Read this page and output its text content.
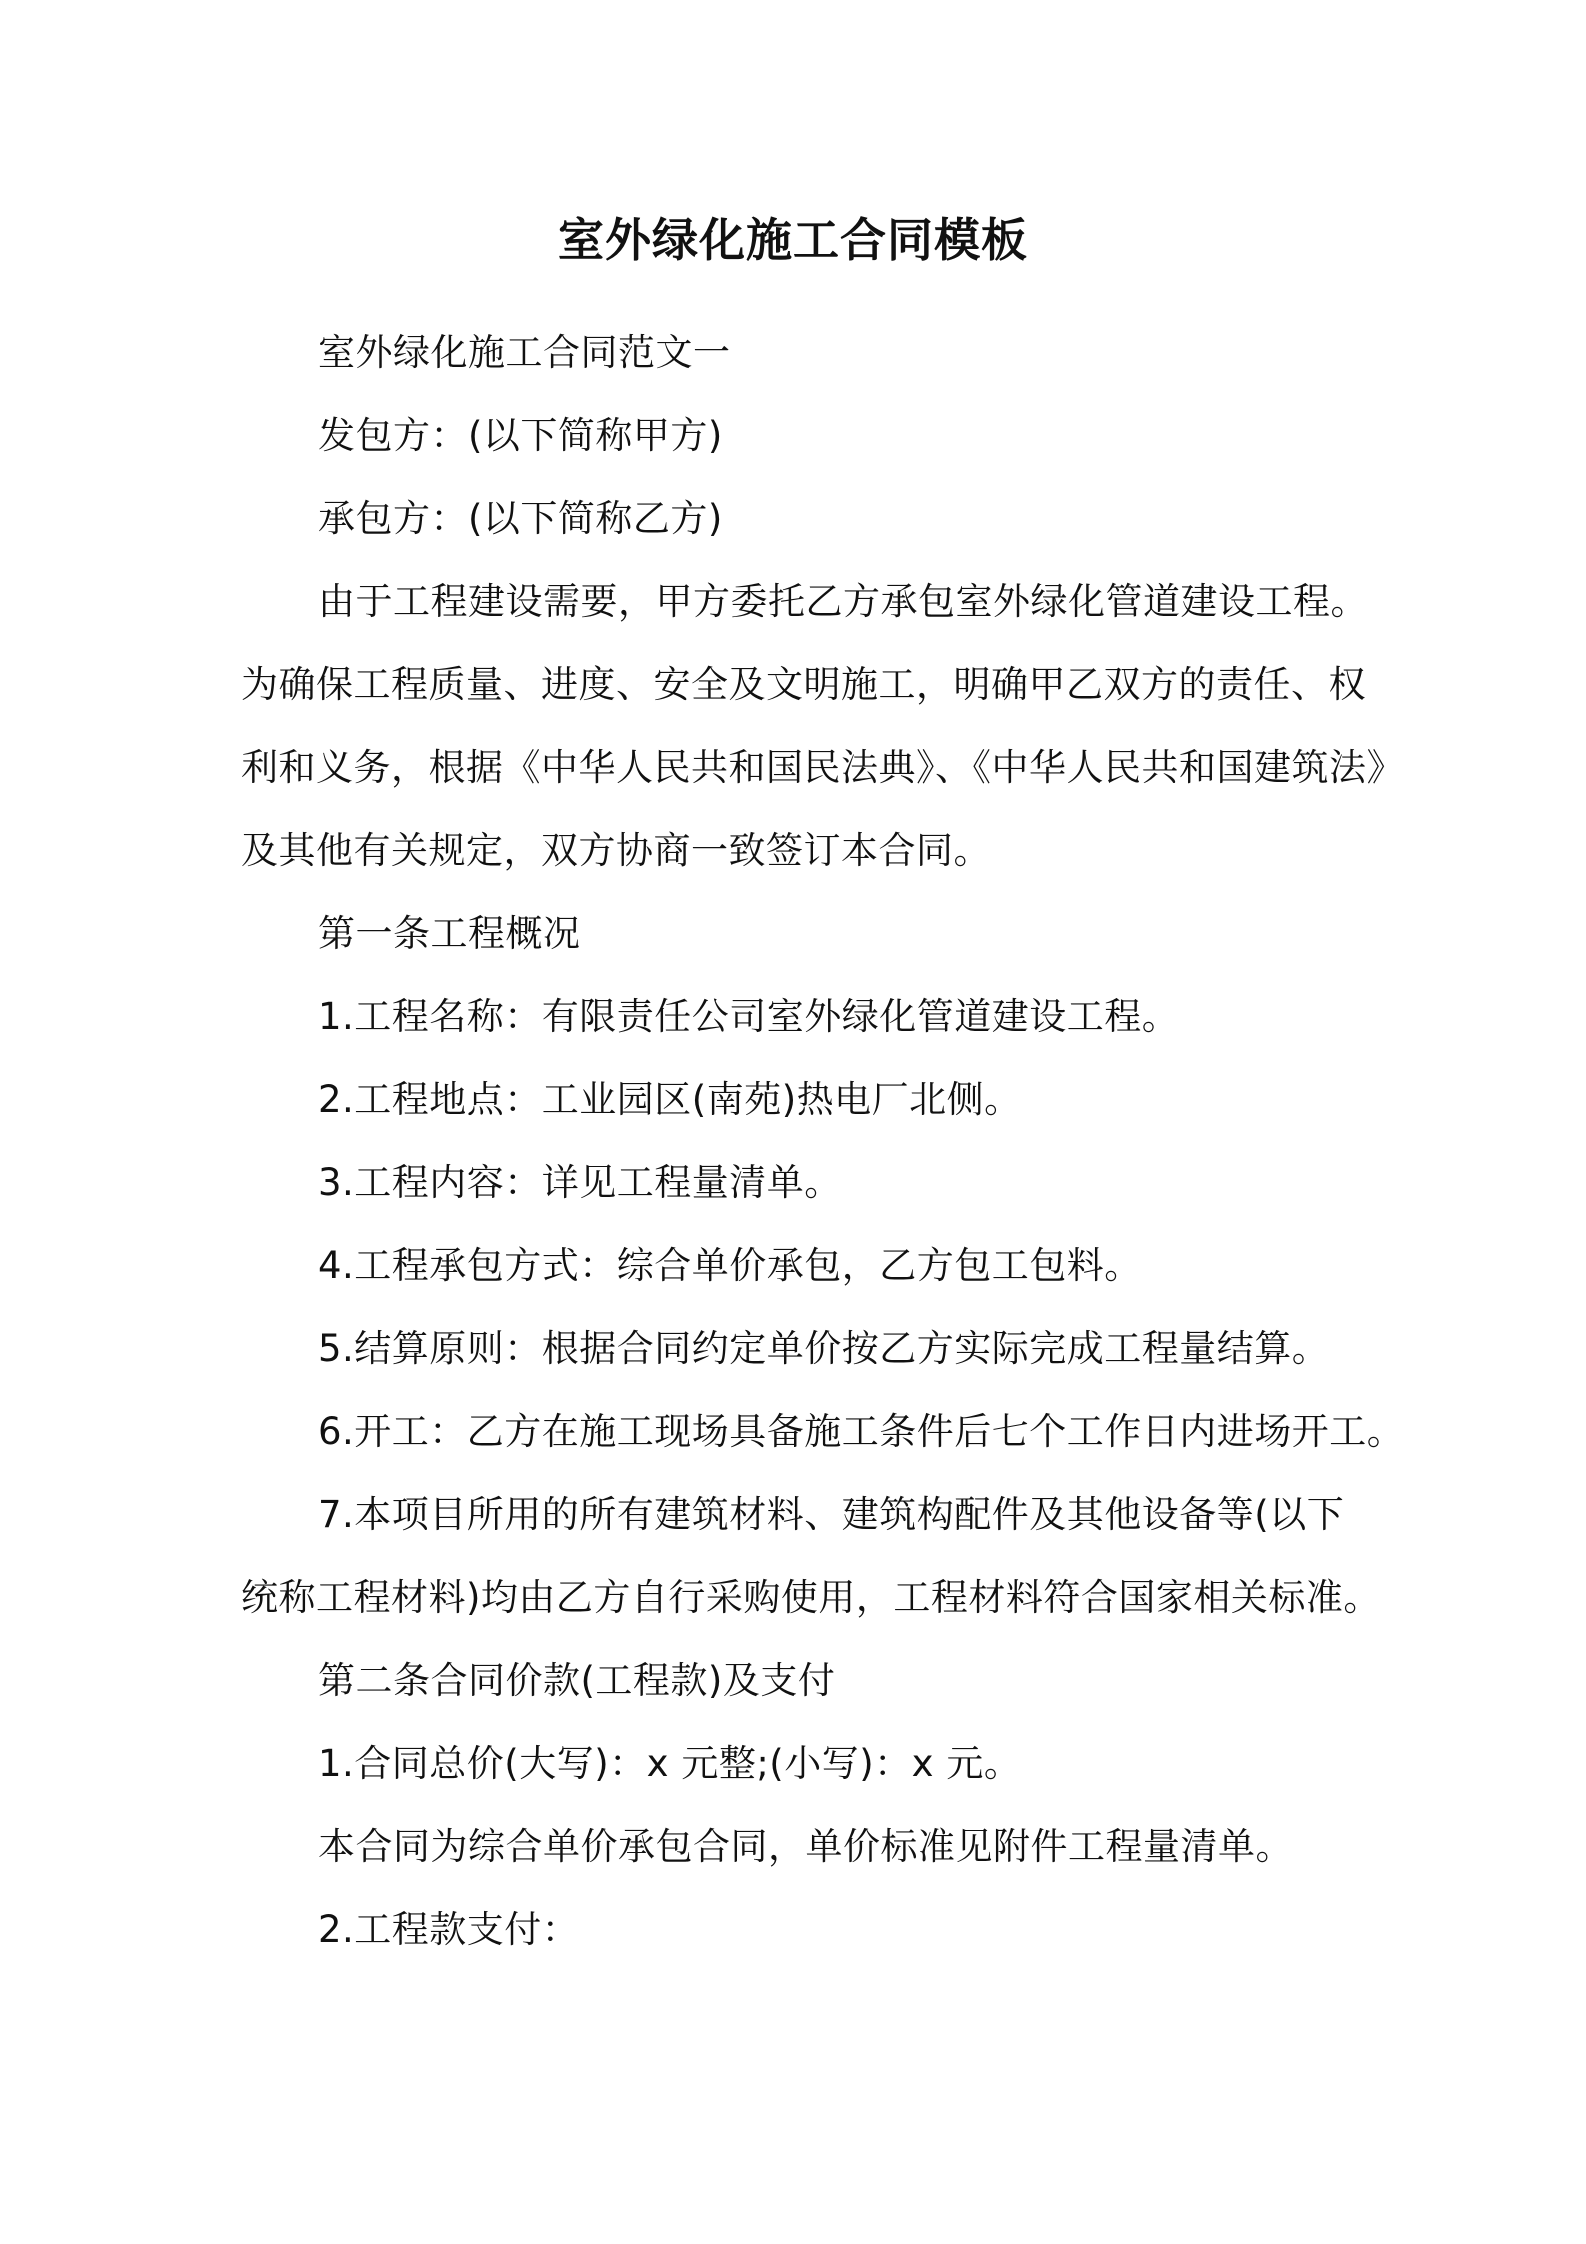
室外绿化施工合同模板
室外绿化施工合同范文一
发包方：(以下简称甲方)
承包方：(以下简称乙方)
由于工程建设需要，甲方委托乙方承包室外绿化管道建设工程。
为确保工程质量、进度、安全及文明施工，明确甲乙双方的责任、权
利和义务，根据《中华人民共和国民法典》、《中华人民共和国建筑法》
及其他有关规定，双方协商一致签订本合同。
第一条工程概况
1.工程名称：有限责任公司室外绿化管道建设工程。
2.工程地点：工业园区(南苑)热电厂北侧。
3.工程内容：详见工程量清单。
4.工程承包方式：综合单价承包，乙方包工包料。
5.结算原则：根据合同约定单价按乙方实际完成工程量结算。
6.开工：乙方在施工现场具备施工条件后七个工作日内进场开工。
7.本项目所用的所有建筑材料、建筑构配件及其他设备等(以下
统称工程材料)均由乙方自行采购使用，工程材料符合国家相关标准。
第二条合同价款(工程款)及支付
1.合同总价(大写)：x 元整;(小写)：x 元。
本合同为综合单价承包合同，单价标准见附件工程量清单。
2.工程款支付：
